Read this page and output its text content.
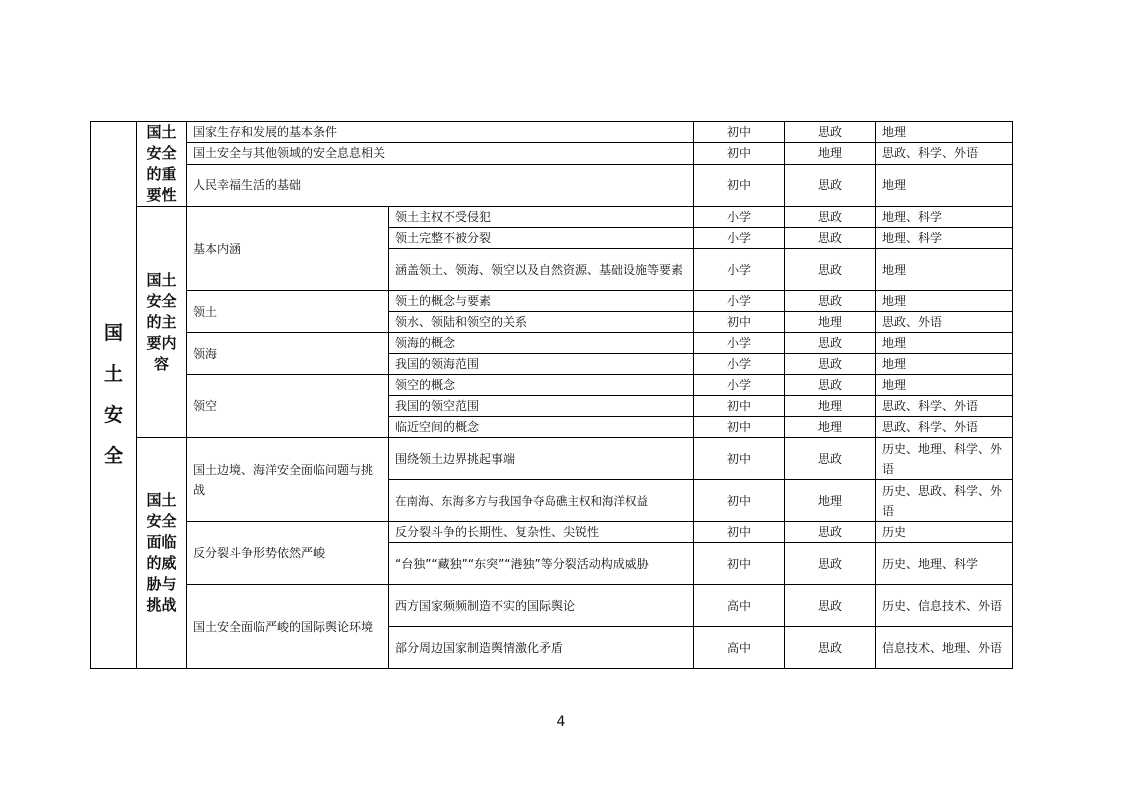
国土安全	国土安全的重要性	国家生存和发展的基本条件		初中	思政	地理
		国土安全与其他领域的安全息息相关		初中	地理	思政、科学、外语
		人民幸福生活的基础		初中	思政	地理

	国土安全的主要内容	基本内涵	领土主权不受侵犯	小学	思政	地理、科学
			领土完整不被分裂	小学	思政	地理、科学
			涵盖领土、领海、领空以及自然资源、基础设施等要素	小学	思政	地理
		领土	领土的概念与要素	小学	思政	地理
			领水、领陆和领空的关系	初中	地理	思政、外语
		领海	领海的概念	小学	思政	地理
			我国的领海范围	小学	思政	地理
		领空	领空的概念	小学	思政	地理
			我国的领空范围	初中	地理	思政、科学、外语
			临近空间的概念	初中	地理	思政、科学、外语

	国土安全面临的威胁与挑战	国土边境、海洋安全面临问题与挑战	围绕领土边界挑起事端	初中	思政	历史、地理、科学、外语
			在南海、东海多方与我国争夺岛礁主权和海洋权益	初中	地理	历史、思政、科学、外语
		反分裂斗争形势依然严峻	反分裂斗争的长期性、复杂性、尖锐性	初中	思政	历史
			“台独”“藏独”“东突”“港独”等分裂活动构成威胁	初中	思政	历史、地理、科学
		国土安全面临严峻的国际舆论环境	西方国家频频制造不实的国际舆论	高中	思政	历史、信息技术、外语
			部分周边国家制造舆情激化矛盾	高中	思政	信息技术、地理、外语
4
